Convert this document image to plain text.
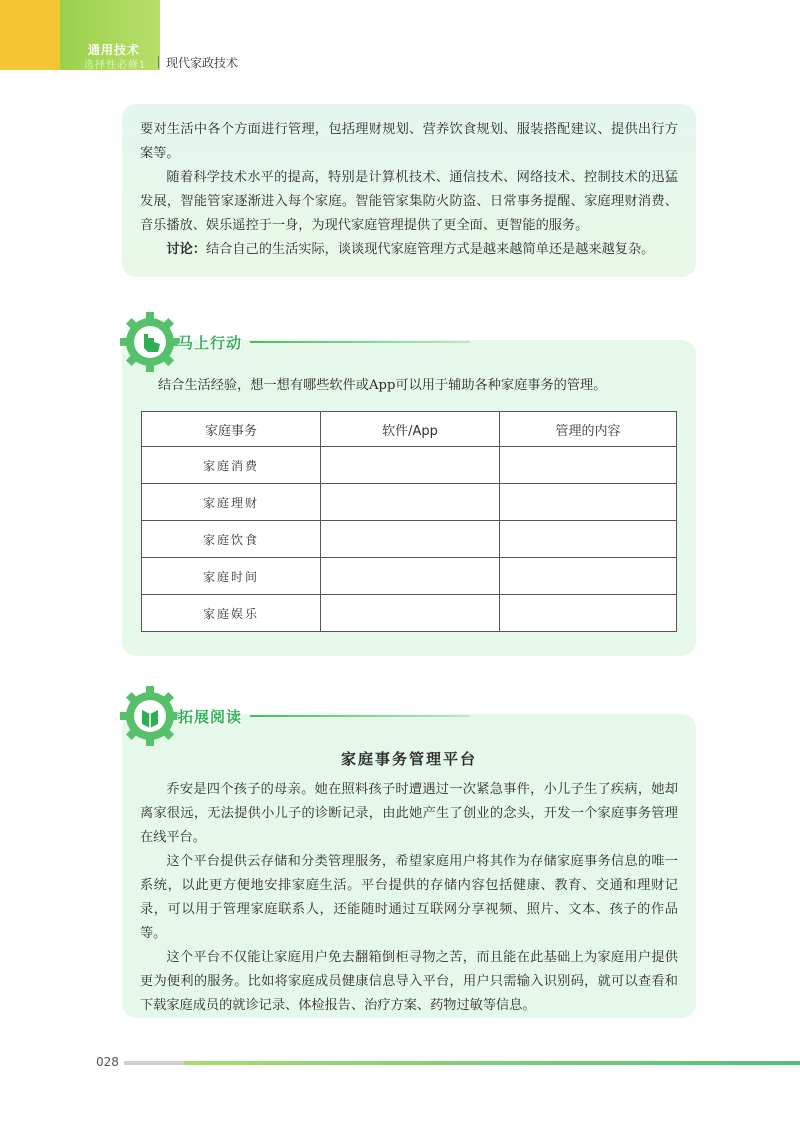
通用技术
选择性必修1 现代家政技术

要对生活中各个方面进行管理，包括理财规划、营养饮食规划、服装搭配建议、提供出行方案等。

随着科学技术水平的提高，特别是计算机技术、通信技术、网络技术、控制技术的迅猛发展，智能管家逐渐进入每个家庭。智能管家集防火防盗、日常事务提醒、家庭理财消费、音乐播放、娱乐遥控于一身，为现代家庭管理提供了更全面、更智能的服务。

讨论：结合自己的生活实际，谈谈现代家庭管理方式是越来越简单还是越来越复杂。

马上行动

结合生活经验，想一想有哪些软件或App可以用于辅助各种家庭事务的管理。

家庭事务	软件/App	管理的内容
家庭消费		
家庭理财		
家庭饮食		
家庭时间		
家庭娱乐		
拓展阅读
家庭事务管理平台

乔安是四个孩子的母亲。她在照料孩子时遭遇过一次紧急事件，小儿子生了疾病，她却离家很远，无法提供小儿子的诊断记录，由此她产生了创业的念头，开发一个家庭事务管理在线平台。

这个平台提供云存储和分类管理服务，希望家庭用户将其作为存储家庭事务信息的唯一系统，以此更方便地安排家庭生活。平台提供的存储内容包括健康、教育、交通和理财记录，可以用于管理家庭联系人，还能随时通过互联网分享视频、照片、文本、孩子的作品等。

这个平台不仅能让家庭用户免去翻箱倒柜寻物之苦，而且能在此基础上为家庭用户提供更为便利的服务。比如将家庭成员健康信息导入平台，用户只需输入识别码，就可以查看和下载家庭成员的就诊记录、体检报告、治疗方案、药物过敏等信息。

028
